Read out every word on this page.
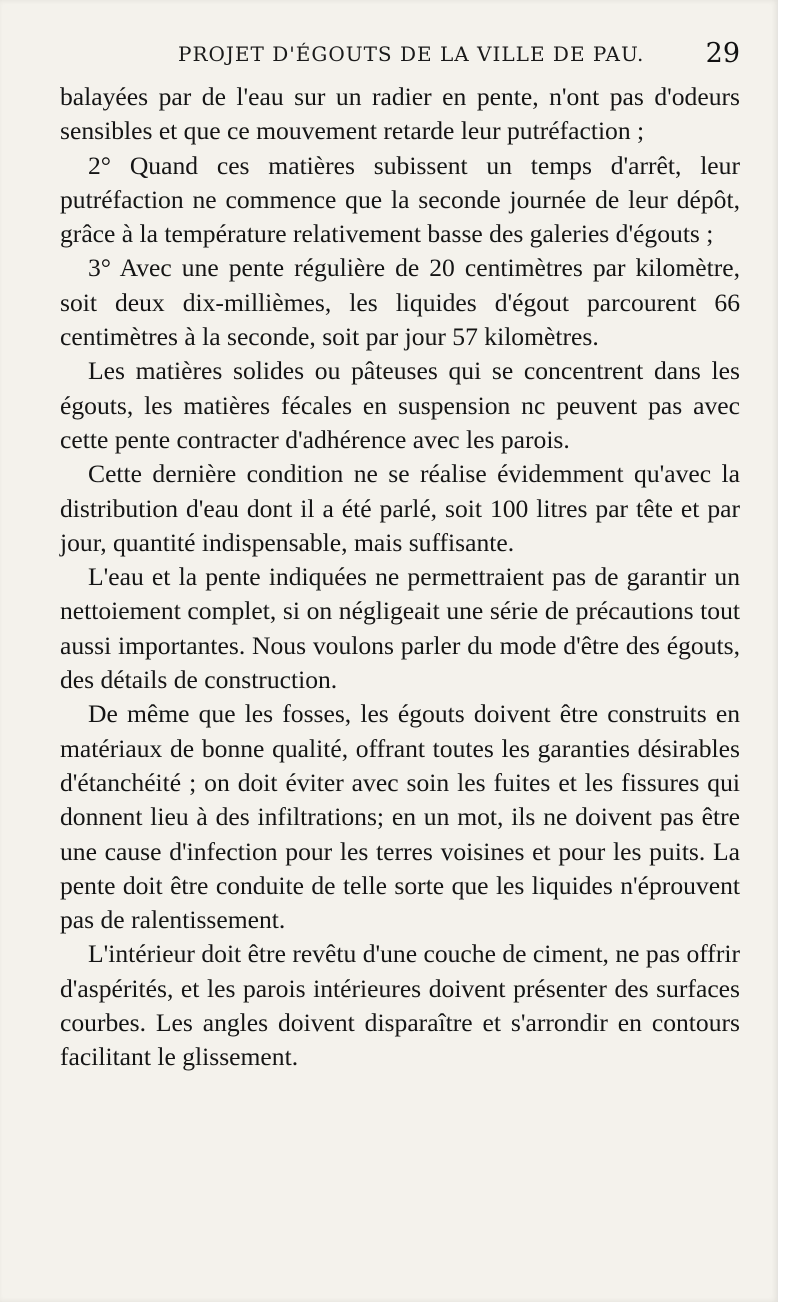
PROJET D'ÉGOUTS DE LA VILLE DE PAU. 29

balayées par de l'eau sur un radier en pente, n'ont pas d'odeurs sensibles et que ce mouvement retarde leur putréfaction ;

2° Quand ces matières subissent un temps d'arrêt, leur putréfaction ne commence que la seconde journée de leur dépôt, grâce à la température relativement basse des galeries d'égouts ;

3° Avec une pente régulière de 20 centimètres par kilomètre, soit deux dix-millièmes, les liquides d'égout parcourent 66 centimètres à la seconde, soit par jour 57 kilomètres.

Les matières solides ou pâteuses qui se concentrent dans les égouts, les matières fécales en suspension nc peuvent pas avec cette pente contracter d'adhérence avec les parois.

Cette dernière condition ne se réalise évidemment qu'avec la distribution d'eau dont il a été parlé, soit 100 litres par tête et par jour, quantité indispensable, mais suffisante.

L'eau et la pente indiquées ne permettraient pas de garantir un nettoiement complet, si on négligeait une série de précautions tout aussi importantes. Nous voulons parler du mode d'être des égouts, des détails de construction.

De même que les fosses, les égouts doivent être construits en matériaux de bonne qualité, offrant toutes les garanties désirables d'étanchéité ; on doit éviter avec soin les fuites et les fissures qui donnent lieu à des infiltrations; en un mot, ils ne doivent pas être une cause d'infection pour les terres voisines et pour les puits. La pente doit être conduite de telle sorte que les liquides n'éprouvent pas de ralentissement.

L'intérieur doit être revêtu d'une couche de ciment, ne pas offrir d'aspérités, et les parois intérieures doivent présenter des surfaces courbes. Les angles doivent disparaître et s'arrondir en contours facilitant le glissement.
